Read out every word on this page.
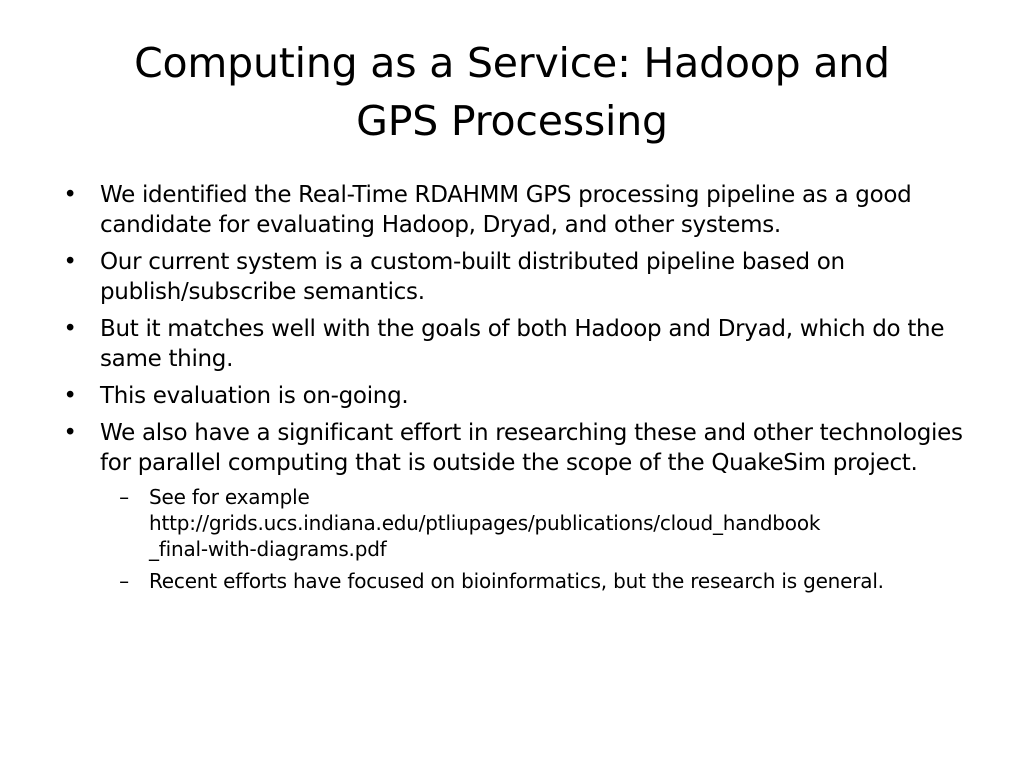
Computing as a Service: Hadoop and
GPS Processing
• We identified the Real-Time RDAHMM GPS processing pipeline as a good candidate for evaluating Hadoop, Dryad, and other systems.
• Our current system is a custom-built distributed pipeline based on publish/subscribe semantics.
• But it matches well with the goals of both Hadoop and Dryad, which do the same thing.
• This evaluation is on-going.
• We also have a significant effort in researching these and other technologies for parallel computing that is outside the scope of the QuakeSim project.
–	See for example
http://grids.ucs.indiana.edu/ptliupages/publications/cloud_handbook
_final-with-diagrams.pdf
–	Recent efforts have focused on bioinformatics, but the research is general.
